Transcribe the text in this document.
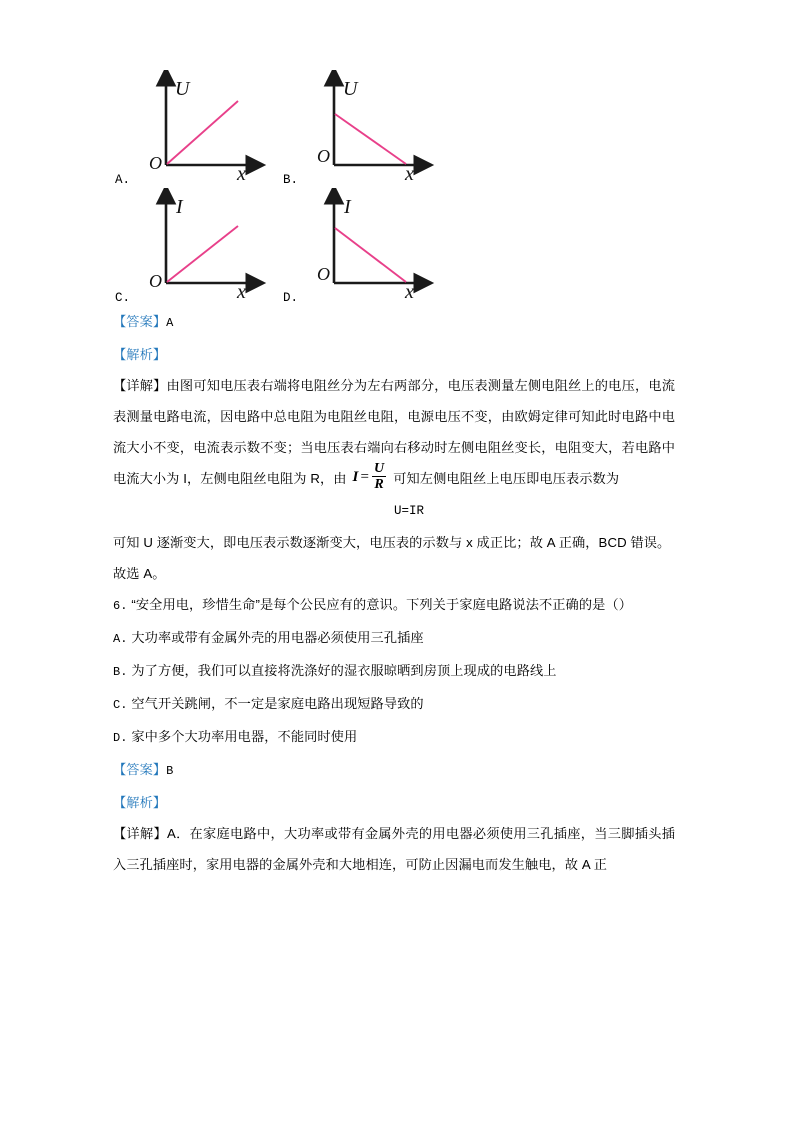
A.
U
x
O
B.
U
x
O
C.
I
x
O
D.
I
x
O

【答案】A

【解析】

【详解】由图可知电压表右端将电阻丝分为左右两部分，电压表测量左侧电阻丝上的电压，电流表测量电路电流，因电路中总电阻为电阻丝电阻，电源电压不变，由欧姆定律可知此时电路中电流大小不变，电流表示数不变；当电压表右端向右移动时左侧电阻丝变长，电阻变大，若电路中电流大小为 I，左侧电阻丝电阻为 R，由 $I = \frac{U}{R}$ 可知左侧电阻丝上电压即电压表示数为

U=IR

可知 U 逐渐变大，即电压表示数逐渐变大，电压表的示数与 x 成正比；故 A 正确，BCD 错误。

故选 A。

6. “安全用电，珍惜生命”是每个公民应有的意识。下列关于家庭电路说法不正确的是（）

A. 大功率或带有金属外壳的用电器必须使用三孔插座

B. 为了方便，我们可以直接将洗涤好的湿衣服晾晒到房顶上现成的电路线上

C. 空气开关跳闸，不一定是家庭电路出现短路导致的

D. 家中多个大功率用电器，不能同时使用

【答案】B

【解析】

【详解】A．在家庭电路中，大功率或带有金属外壳的用电器必须使用三孔插座，当三脚插头插入三孔插座时，家用电器的金属外壳和大地相连，可防止因漏电而发生触电，故 A 正
